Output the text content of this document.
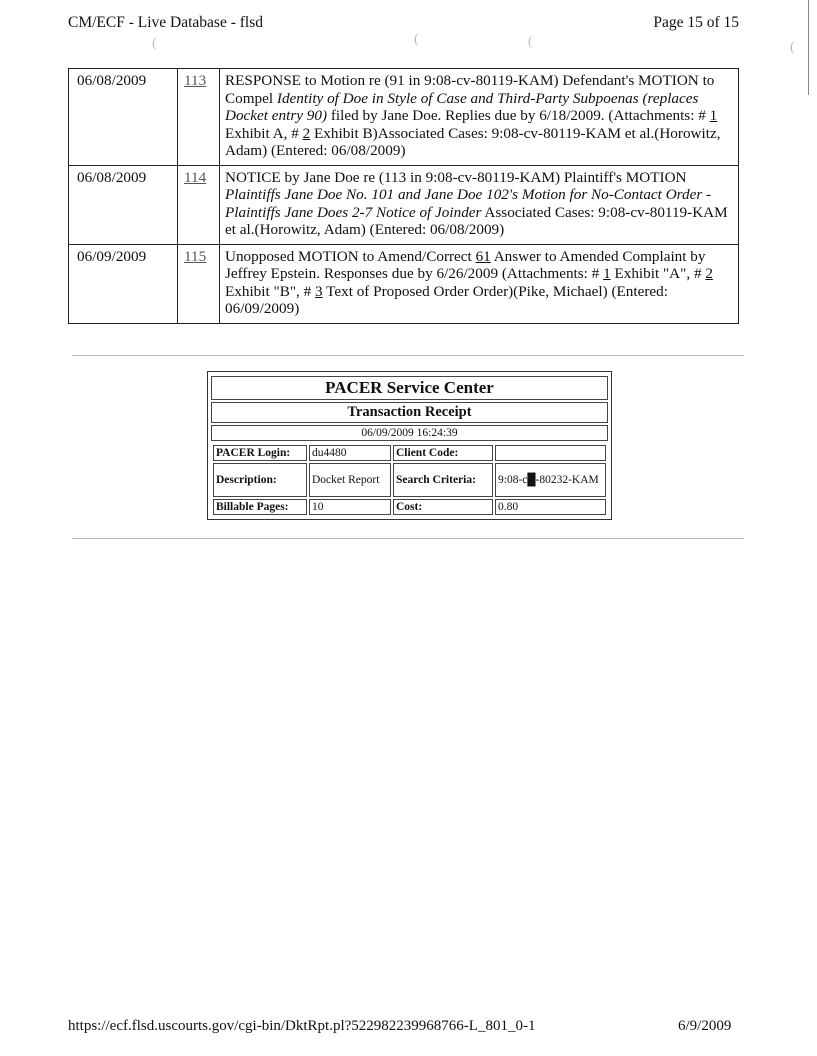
CM/ECF - Live Database - flsd	Page 15 of 15
(	(	(	(
06/08/2009	113	RESPONSE to Motion re (91 in 9:08-cv-80119-KAM) Defendant's MOTION to Compel Identity of Doe in Style of Case and Third-Party Subpoenas (replaces Docket entry 90) filed by Jane Doe. Replies due by 6/18/2009. (Attachments: # 1 Exhibit A, # 2 Exhibit B)Associated Cases: 9:08-cv-80119-KAM et al.(Horowitz, Adam) (Entered: 06/08/2009)
06/08/2009	114	NOTICE by Jane Doe re (113 in 9:08-cv-80119-KAM) Plaintiff's MOTION Plaintiffs Jane Doe No. 101 and Jane Doe 102's Motion for No-Contact Order -Plaintiffs Jane Does 2-7 Notice of Joinder Associated Cases: 9:08-cv-80119-KAM et al.(Horowitz, Adam) (Entered: 06/08/2009)
06/09/2009	115	Unopposed MOTION to Amend/Correct 61 Answer to Amended Complaint by Jeffrey Epstein. Responses due by 6/26/2009 (Attachments: # 1 Exhibit "A", # 2 Exhibit "B", # 3 Text of Proposed Order Order)(Pike, Michael) (Entered: 06/09/2009)
PACER Service Center
Transaction Receipt
06/09/2009 16:24:39
PACER Login:	du4480	Client Code:	
Description:	Docket Report	Search Criteria:	9:08-c█-80232-KAM
Billable Pages:	10	Cost:	0.80
https://ecf.flsd.uscourts.gov/cgi-bin/DktRpt.pl?522982239968766-L_801_0-1	6/9/2009
